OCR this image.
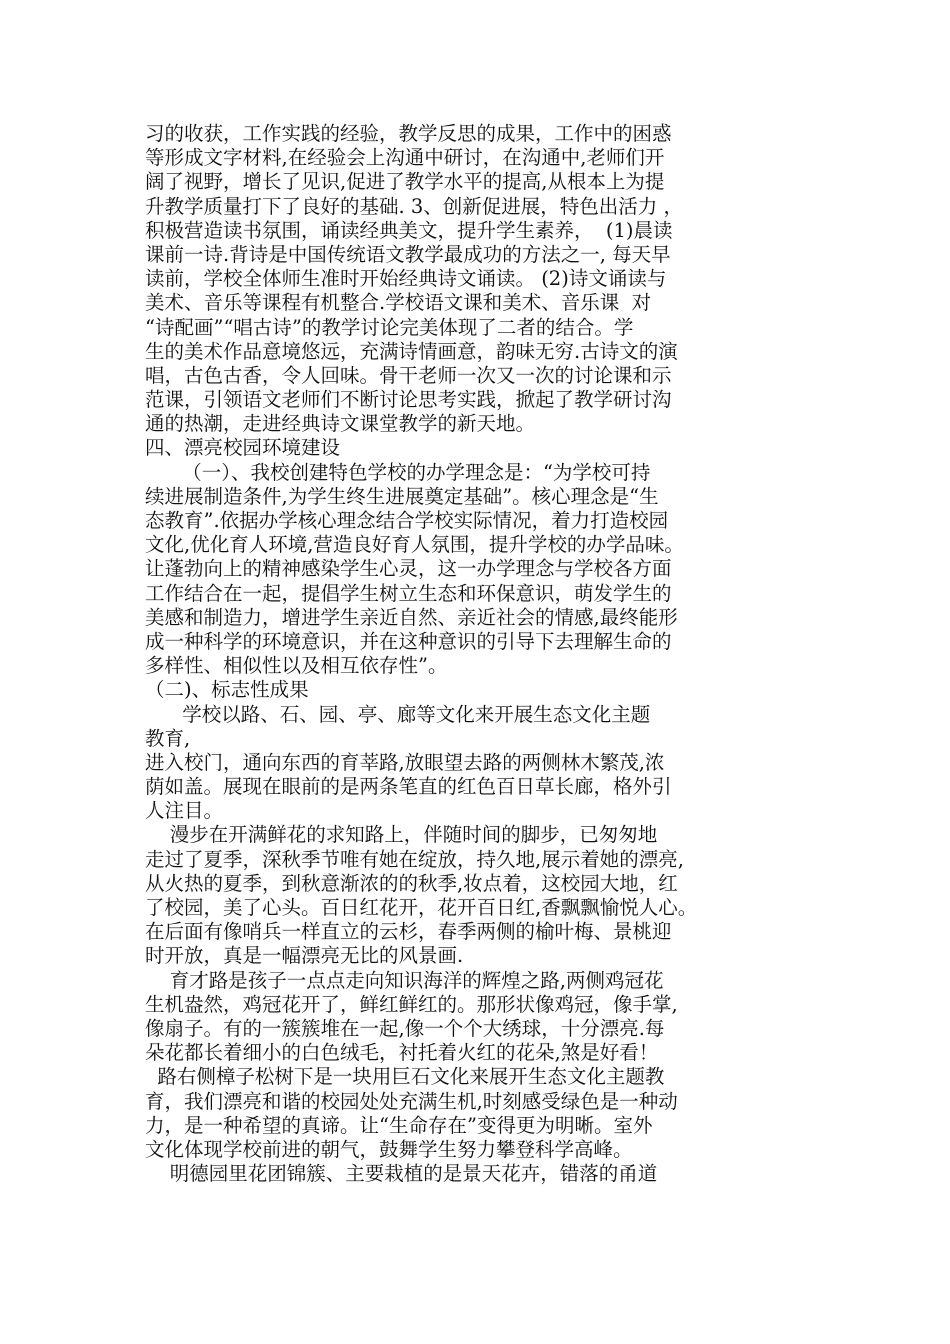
习的收获，工作实践的经验，教学反思的成果，工作中的困惑
等形成文字材料,在经验会上沟通中研讨，在沟通中,老师们开
阔了视野，增长了见识,促进了教学水平的提高,从根本上为提
升教学质量打下了良好的基础. 3、创新促进展，特色出活力 ，
积极营造读书氛围，诵读经典美文，提升学生素养，  (1)晨读
课前一诗.背诗是中国传统语文教学最成功的方法之一, 每天早
读前，学校全体师生准时开始经典诗文诵读。 (2)诗文诵读与
美术、音乐等课程有机整合.学校语文课和美术、音乐课  对
“诗配画”“唱古诗”的教学讨论完美体现了二者的结合。学
生的美术作品意境悠远，充满诗情画意，韵味无穷.古诗文的演
唱，古色古香，令人回味。骨干老师一次又一次的讨论课和示
范课，引领语文老师们不断讨论思考实践，掀起了教学研讨沟
通的热潮，走进经典诗文课堂教学的新天地。
四、漂亮校园环境建设
（一）、我校创建特色学校的办学理念是：“为学校可持
续进展制造条件,为学生终生进展奠定基础”。核心理念是“生
态教育”.依据办学核心理念结合学校实际情况，着力打造校园
文化,优化育人环境,营造良好育人氛围，提升学校的办学品味。
让蓬勃向上的精神感染学生心灵，这一办学理念与学校各方面
工作结合在一起，提倡学生树立生态和环保意识，萌发学生的
美感和制造力，增进学生亲近自然、亲近社会的情感,最终能形
成一种科学的环境意识，并在这种意识的引导下去理解生命的
多样性、相似性以及相互依存性”。
（二)、标志性成果
学校以路、石、园、亭、廊等文化来开展生态文化主题
教育,
进入校门，通向东西的育莘路,放眼望去路的两侧林木繁茂,浓
荫如盖。展现在眼前的是两条笔直的红色百日草长廊，格外引
人注目。
漫步在开满鲜花的求知路上，伴随时间的脚步，已匆匆地
走过了夏季，深秋季节唯有她在绽放，持久地,展示着她的漂亮,
从火热的夏季，到秋意渐浓的的秋季,妆点着，这校园大地，红
了校园，美了心头。百日红花开，花开百日红,香飘飘愉悦人心。
在后面有像哨兵一样直立的云杉，春季两侧的榆叶梅、景桃迎
时开放，真是一幅漂亮无比的风景画.
育才路是孩子一点点走向知识海洋的辉煌之路,两侧鸡冠花
生机盎然，鸡冠花开了，鲜红鲜红的。那形状像鸡冠，像手掌,
像扇子。有的一簇簇堆在一起,像一个个大绣球，十分漂亮.每
朵花都长着细小的白色绒毛，衬托着火红的花朵,煞是好看！
路右侧樟子松树下是一块用巨石文化来展开生态文化主题教
育，我们漂亮和谐的校园处处充满生机,时刻感受绿色是一种动
力，是一种希望的真谛。让“生命存在”变得更为明晰。室外
文化体现学校前进的朝气，鼓舞学生努力攀登科学高峰。
明德园里花团锦簇、主要栽植的是景天花卉，错落的甬道
